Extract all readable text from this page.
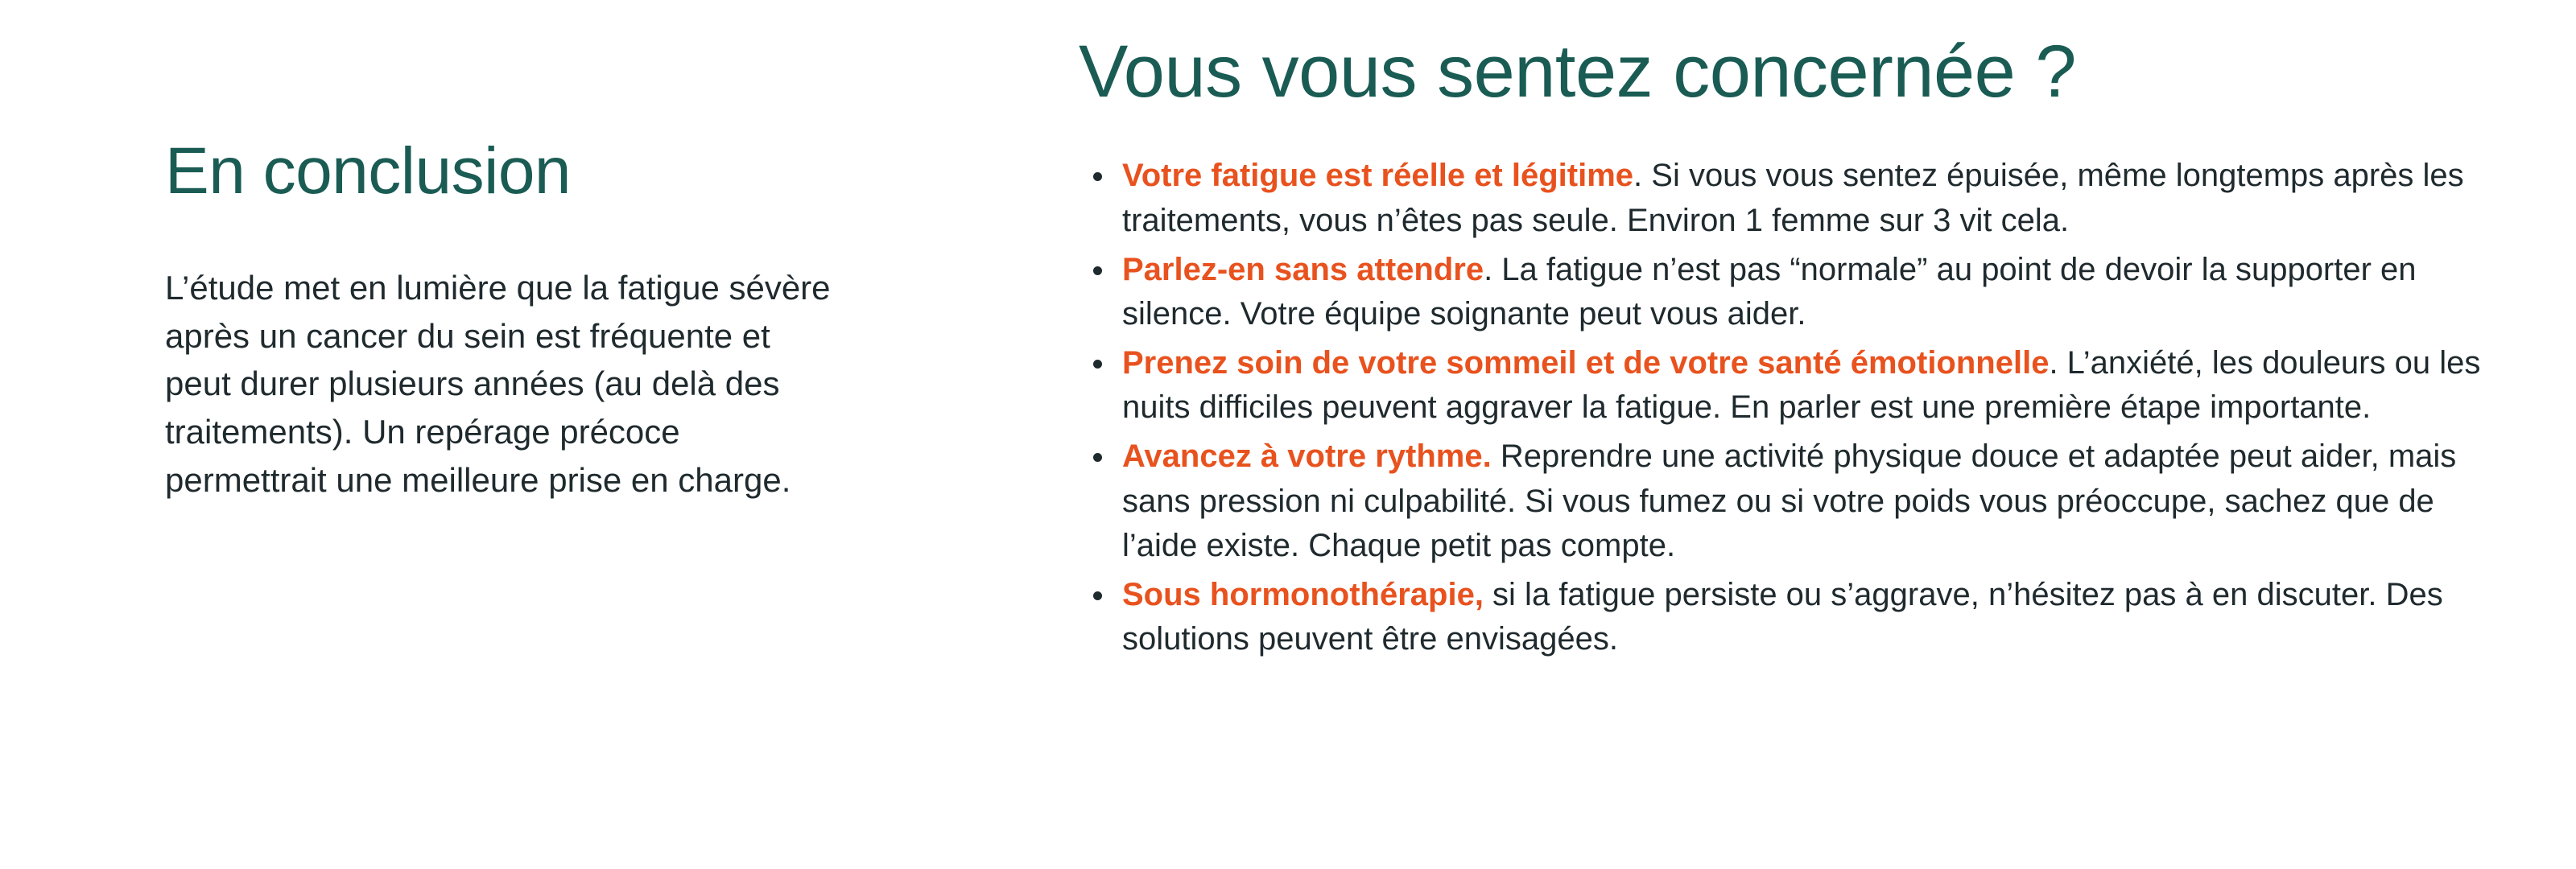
En conclusion

L’étude met en lumière que la fatigue sévère après un cancer du sein est fréquente et peut durer plusieurs années (au delà des traitements). Un repérage précoce permettrait une meilleure prise en charge.

Vous vous sentez concernée ?
Votre fatigue est réelle et légitime. Si vous vous sentez épuisée, même longtemps après les traitements, vous n’êtes pas seule. Environ 1 femme sur 3 vit cela.
Parlez-en sans attendre. La fatigue n’est pas “normale” au point de devoir la supporter en silence. Votre équipe soignante peut vous aider.
Prenez soin de votre sommeil et de votre santé émotionnelle. L’anxiété, les douleurs ou les nuits difficiles peuvent aggraver la fatigue. En parler est une première étape importante.
Avancez à votre rythme. Reprendre une activité physique douce et adaptée peut aider, mais sans pression ni culpabilité. Si vous fumez ou si votre poids vous préoccupe, sachez que de l’aide existe. Chaque petit pas compte.
Sous hormonothérapie, si la fatigue persiste ou s’aggrave, n’hésitez pas à en discuter. Des solutions peuvent être envisagées.
